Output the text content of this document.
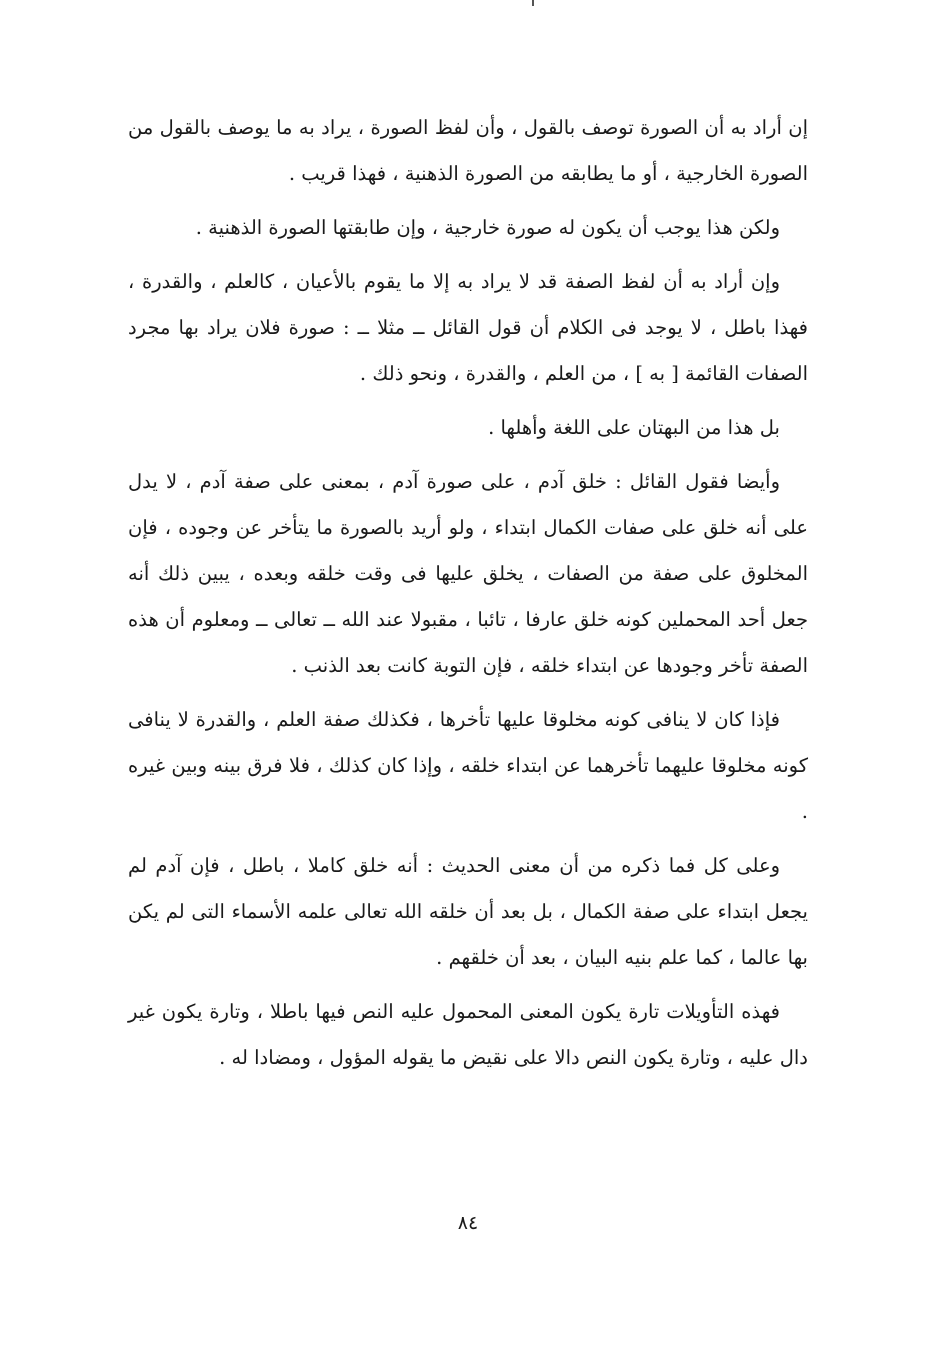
إن أراد به أن الصورة توصف بالقول ، وأن لفظ الصورة ، يراد به ما يوصف بالقول من الصورة الخارجية ، أو ما يطابقه من الصورة الذهنية ، فهذا قريب .

ولكن هذا يوجب أن يكون له صورة خارجية ، وإن طابقتها الصورة الذهنية .

وإن أراد به أن لفظ الصفة قد لا يراد به إلا ما يقوم بالأعيان ، كالعلم ، والقدرة ، فهذا باطل ، لا يوجد فى الكلام أن قول القائل ــ مثلا ــ : صورة فلان يراد بها مجرد الصفات القائمة [ به ] ، من العلم ، والقدرة ، ونحو ذلك .

بل هذا من البهتان على اللغة وأهلها .

وأيضا فقول القائل : خلق آدم ، على صورة آدم ، بمعنى على صفة آدم ، لا يدل على أنه خلق على صفات الكمال ابتداء ، ولو أريد بالصورة ما يتأخر عن وجوده ، فإن المخلوق على صفة من الصفات ، يخلق عليها فى وقت خلقه وبعده ، يبين ذلك أنه جعل أحد المحملين كونه خلق عارفا ، تائبا ، مقبولا عند الله ــ تعالى ــ ومعلوم أن هذه الصفة تأخر وجودها عن ابتداء خلقه ، فإن التوبة كانت بعد الذنب .

فإذا كان لا ينافى كونه مخلوقا عليها تأخرها ، فكذلك صفة العلم ، والقدرة لا ينافى كونه مخلوقا عليهما تأخرهما عن ابتداء خلقه ، وإذا كان كذلك ، فلا فرق بينه وبين غيره .

وعلى كل فما ذكره من أن معنى الحديث : أنه خلق كاملا ، باطل ، فإن آدم لم يجعل ابتداء على صفة الكمال ، بل بعد أن خلقه الله تعالى علمه الأسماء التى لم يكن بها عالما ، كما علم بنيه البيان ، بعد أن خلقهم .

فهذه التأويلات تارة يكون المعنى المحمول عليه النص فيها باطلا ، وتارة يكون غير دال عليه ، وتارة يكون النص دالا على نقيض ما يقوله المؤول ، ومضادا له .

٨٤
